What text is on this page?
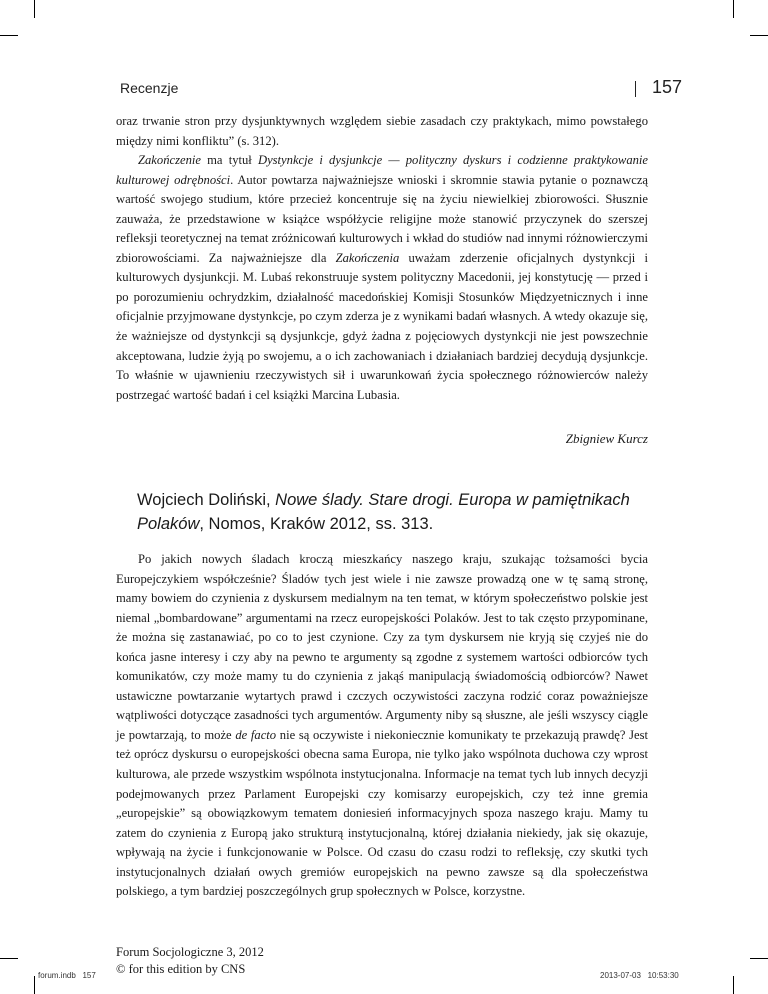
Recenzje	157

oraz trwanie stron przy dysjunktywnych względem siebie zasadach czy praktykach, mimo powstałego między nimi konfliktu” (s. 312).

Zakończenie ma tytuł Dystynkcje i dysjunkcje — polityczny dyskurs i codzienne praktykowanie kulturowej odrębności. Autor powtarza najważniejsze wnioski i skromnie stawia pytanie o poznawczą wartość swojego studium, które przecież koncentruje się na życiu niewielkiej zbiorowości. Słusznie zauważa, że przedstawione w książce współżycie religijne może stanowić przyczynek do szerszej refleksji teoretycznej na temat zróżnicowań kulturowych i wkład do studiów nad innymi różnowierczymi zbiorowościami. Za najważniejsze dla Zakończenia uważam zderzenie oficjalnych dystynkcji i kulturowych dysjunkcji. M. Lubaś rekonstruuje system polityczny Macedonii, jej konstytucję — przed i po porozumieniu ochrydzkim, działalność macedońskiej Komisji Stosunków Międzyetnicznych i inne oficjalnie przyjmowane dystynkcje, po czym zderza je z wynikami badań własnych. A wtedy okazuje się, że ważniejsze od dystynkcji są dysjunkcje, gdyż żadna z pojęciowych dystynkcji nie jest powszechnie akceptowana, ludzie żyją po swojemu, a o ich zachowaniach i działaniach bardziej decydują dysjunkcje. To właśnie w ujawnieniu rzeczywistych sił i uwarunkowań życia społecznego różnowierców należy postrzegać wartość badań i cel książki Marcina Lubasia.

Zbigniew Kurcz
Wojciech Doliński, Nowe ślady. Stare drogi. Europa w pamiętnikach Polaków, Nomos, Kraków 2012, ss. 313.

Po jakich nowych śladach kroczą mieszkańcy naszego kraju, szukając tożsamości bycia Europejczykiem współcześnie? Śladów tych jest wiele i nie zawsze prowadzą one w tę samą stronę, mamy bowiem do czynienia z dyskursem medialnym na ten temat, w którym społeczeństwo polskie jest niemal „bombardowane” argumentami na rzecz europejskości Polaków. Jest to tak często przypominane, że można się zastanawiać, po co to jest czynione. Czy za tym dyskursem nie kryją się czyjeś nie do końca jasne interesy i czy aby na pewno te argumenty są zgodne z systemem wartości odbiorców tych komunikatów, czy może mamy tu do czynienia z jakąś manipulacją świadomością odbiorców? Nawet ustawiczne powtarzanie wytartych prawd i czczych oczywistości zaczyna rodzić coraz poważniejsze wątpliwości dotyczące zasadności tych argumentów. Argumenty niby są słuszne, ale jeśli wszyscy ciągle je powtarzają, to może de facto nie są oczywiste i niekoniecznie komunikaty te przekazują prawdę? Jest też oprócz dyskursu o europejskości obecna sama Europa, nie tylko jako wspólnota duchowa czy wprost kulturowa, ale przede wszystkim wspólnota instytucjonalna. Informacje na temat tych lub innych decyzji podejmowanych przez Parlament Europejski czy komisarzy europejskich, czy też inne gremia „europejskie” są obowiązkowym tematem doniesień informacyjnych spoza naszego kraju. Mamy tu zatem do czynienia z Europą jako strukturą instytucjonalną, której działania niekiedy, jak się okazuje, wpływają na życie i funkcjonowanie w Polsce. Od czasu do czasu rodzi to refleksję, czy skutki tych instytucjonalnych działań owych gremiów europejskich na pewno zawsze są dla społeczeństwa polskiego, a tym bardziej poszczególnych grup społecznych w Polsce, korzystne.

Forum Socjologiczne 3, 2012
© for this edition by CNS
forum.indb   157	2013-07-03   10:53:30
